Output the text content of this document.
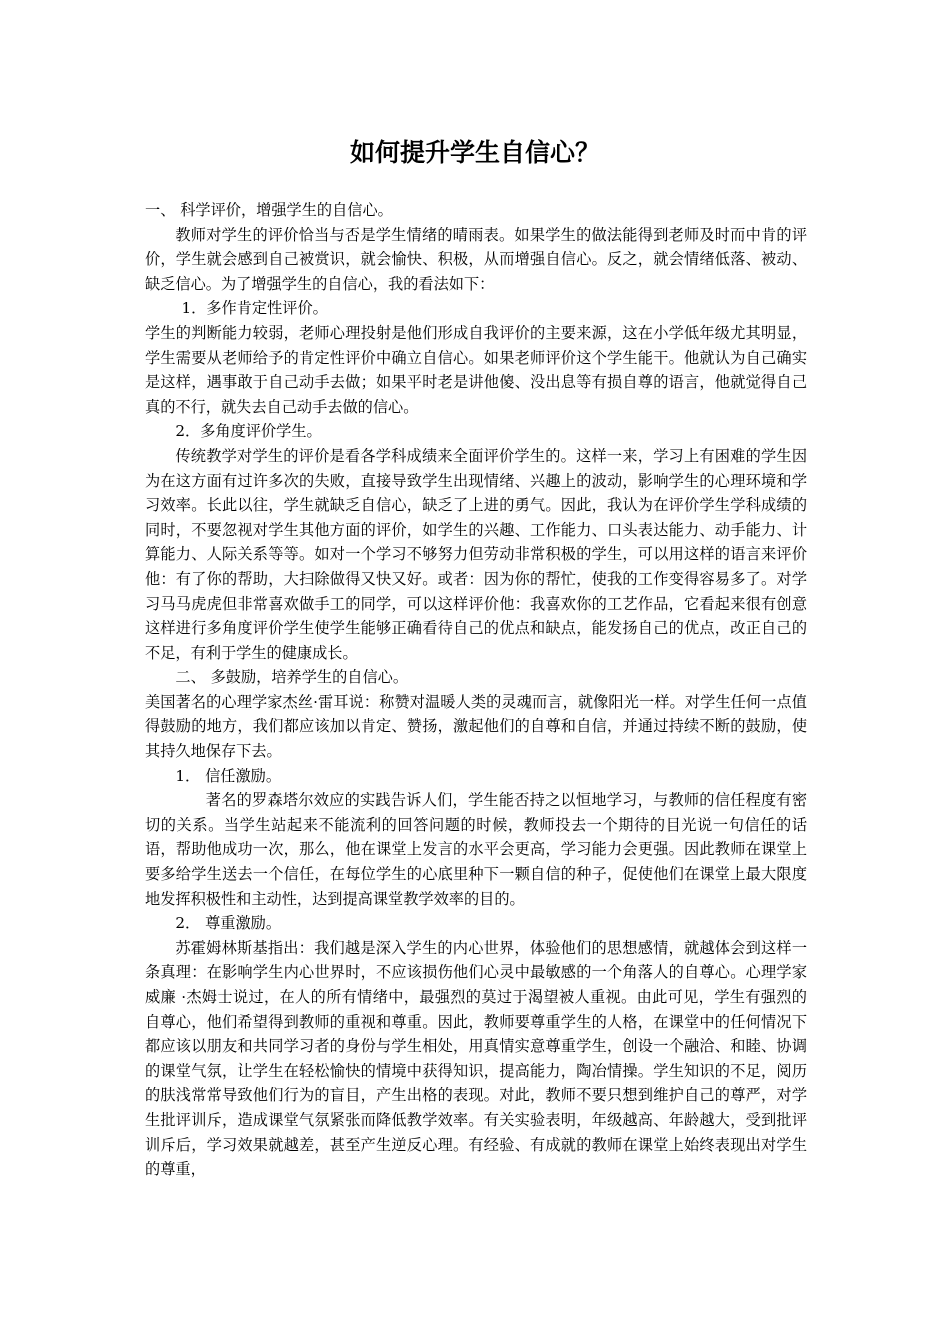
如何提升学生自信心？

一、 科学评价，增强学生的自信心。

教师对学生的评价恰当与否是学生情绪的晴雨表。如果学生的做法能得到老师及时而中肯的评价，学生就会感到自己被赏识，就会愉快、积极，从而增强自信心。反之，就会情绪低落、被动、缺乏信心。为了增强学生的自信心，我的看法如下：

1．多作肯定性评价。

学生的判断能力较弱，老师心理投射是他们形成自我评价的主要来源，这在小学低年级尤其明显，学生需要从老师给予的肯定性评价中确立自信心。如果老师评价这个学生能干。他就认为自己确实是这样，遇事敢于自己动手去做；如果平时老是讲他傻、没出息等有损自尊的语言，他就觉得自己真的不行，就失去自己动手去做的信心。

2．多角度评价学生。

传统教学对学生的评价是看各学科成绩来全面评价学生的。这样一来，学习上有困难的学生因为在这方面有过许多次的失败，直接导致学生出现情绪、兴趣上的波动，影响学生的心理环境和学习效率。长此以往，学生就缺乏自信心，缺乏了上进的勇气。因此，我认为在评价学生学科成绩的同时，不要忽视对学生其他方面的评价，如学生的兴趣、工作能力、口头表达能力、动手能力、计算能力、人际关系等等。如对一个学习不够努力但劳动非常积极的学生，可以用这样的语言来评价他：有了你的帮助，大扫除做得又快又好。或者：因为你的帮忙，使我的工作变得容易多了。对学习马马虎虎但非常喜欢做手工的同学，可以这样评价他：我喜欢你的工艺作品，它看起来很有创意这样进行多角度评价学生使学生能够正确看待自己的优点和缺点，能发扬自己的优点，改正自己的不足，有利于学生的健康成长。

二、 多鼓励，培养学生的自信心。

美国著名的心理学家杰丝·雷耳说：称赞对温暖人类的灵魂而言，就像阳光一样。对学生任何一点值得鼓励的地方，我们都应该加以肯定、赞扬，激起他们的自尊和自信，并通过持续不断的鼓励，使其持久地保存下去。

1． 信任激励。

著名的罗森塔尔效应的实践告诉人们，学生能否持之以恒地学习，与教师的信任程度有密切的关系。当学生站起来不能流利的回答问题的时候，教师投去一个期待的目光说一句信任的话语，帮助他成功一次，那么，他在课堂上发言的水平会更高，学习能力会更强。因此教师在课堂上要多给学生送去一个信任，在每位学生的心底里种下一颗自信的种子，促使他们在课堂上最大限度地发挥积极性和主动性，达到提高课堂教学效率的目的。

2． 尊重激励。

苏霍姆林斯基指出：我们越是深入学生的内心世界，体验他们的思想感情，就越体会到这样一条真理：在影响学生内心世界时，不应该损伤他们心灵中最敏感的一个角落人的自尊心。心理学家威廉 ·杰姆士说过，在人的所有情绪中，最强烈的莫过于渴望被人重视。由此可见，学生有强烈的自尊心，他们希望得到教师的重视和尊重。因此，教师要尊重学生的人格，在课堂中的任何情况下都应该以朋友和共同学习者的身份与学生相处，用真情实意尊重学生，创设一个融洽、和睦、协调的课堂气氛，让学生在轻松愉快的情境中获得知识，提高能力，陶冶情操。学生知识的不足，阅历的肤浅常常导致他们行为的盲目，产生出格的表现。对此，教师不要只想到维护自己的尊严，对学生批评训斥，造成课堂气氛紧张而降低教学效率。有关实验表明，年级越高、年龄越大，受到批评训斥后，学习效果就越差，甚至产生逆反心理。有经验、有成就的教师在课堂上始终表现出对学生的尊重，
